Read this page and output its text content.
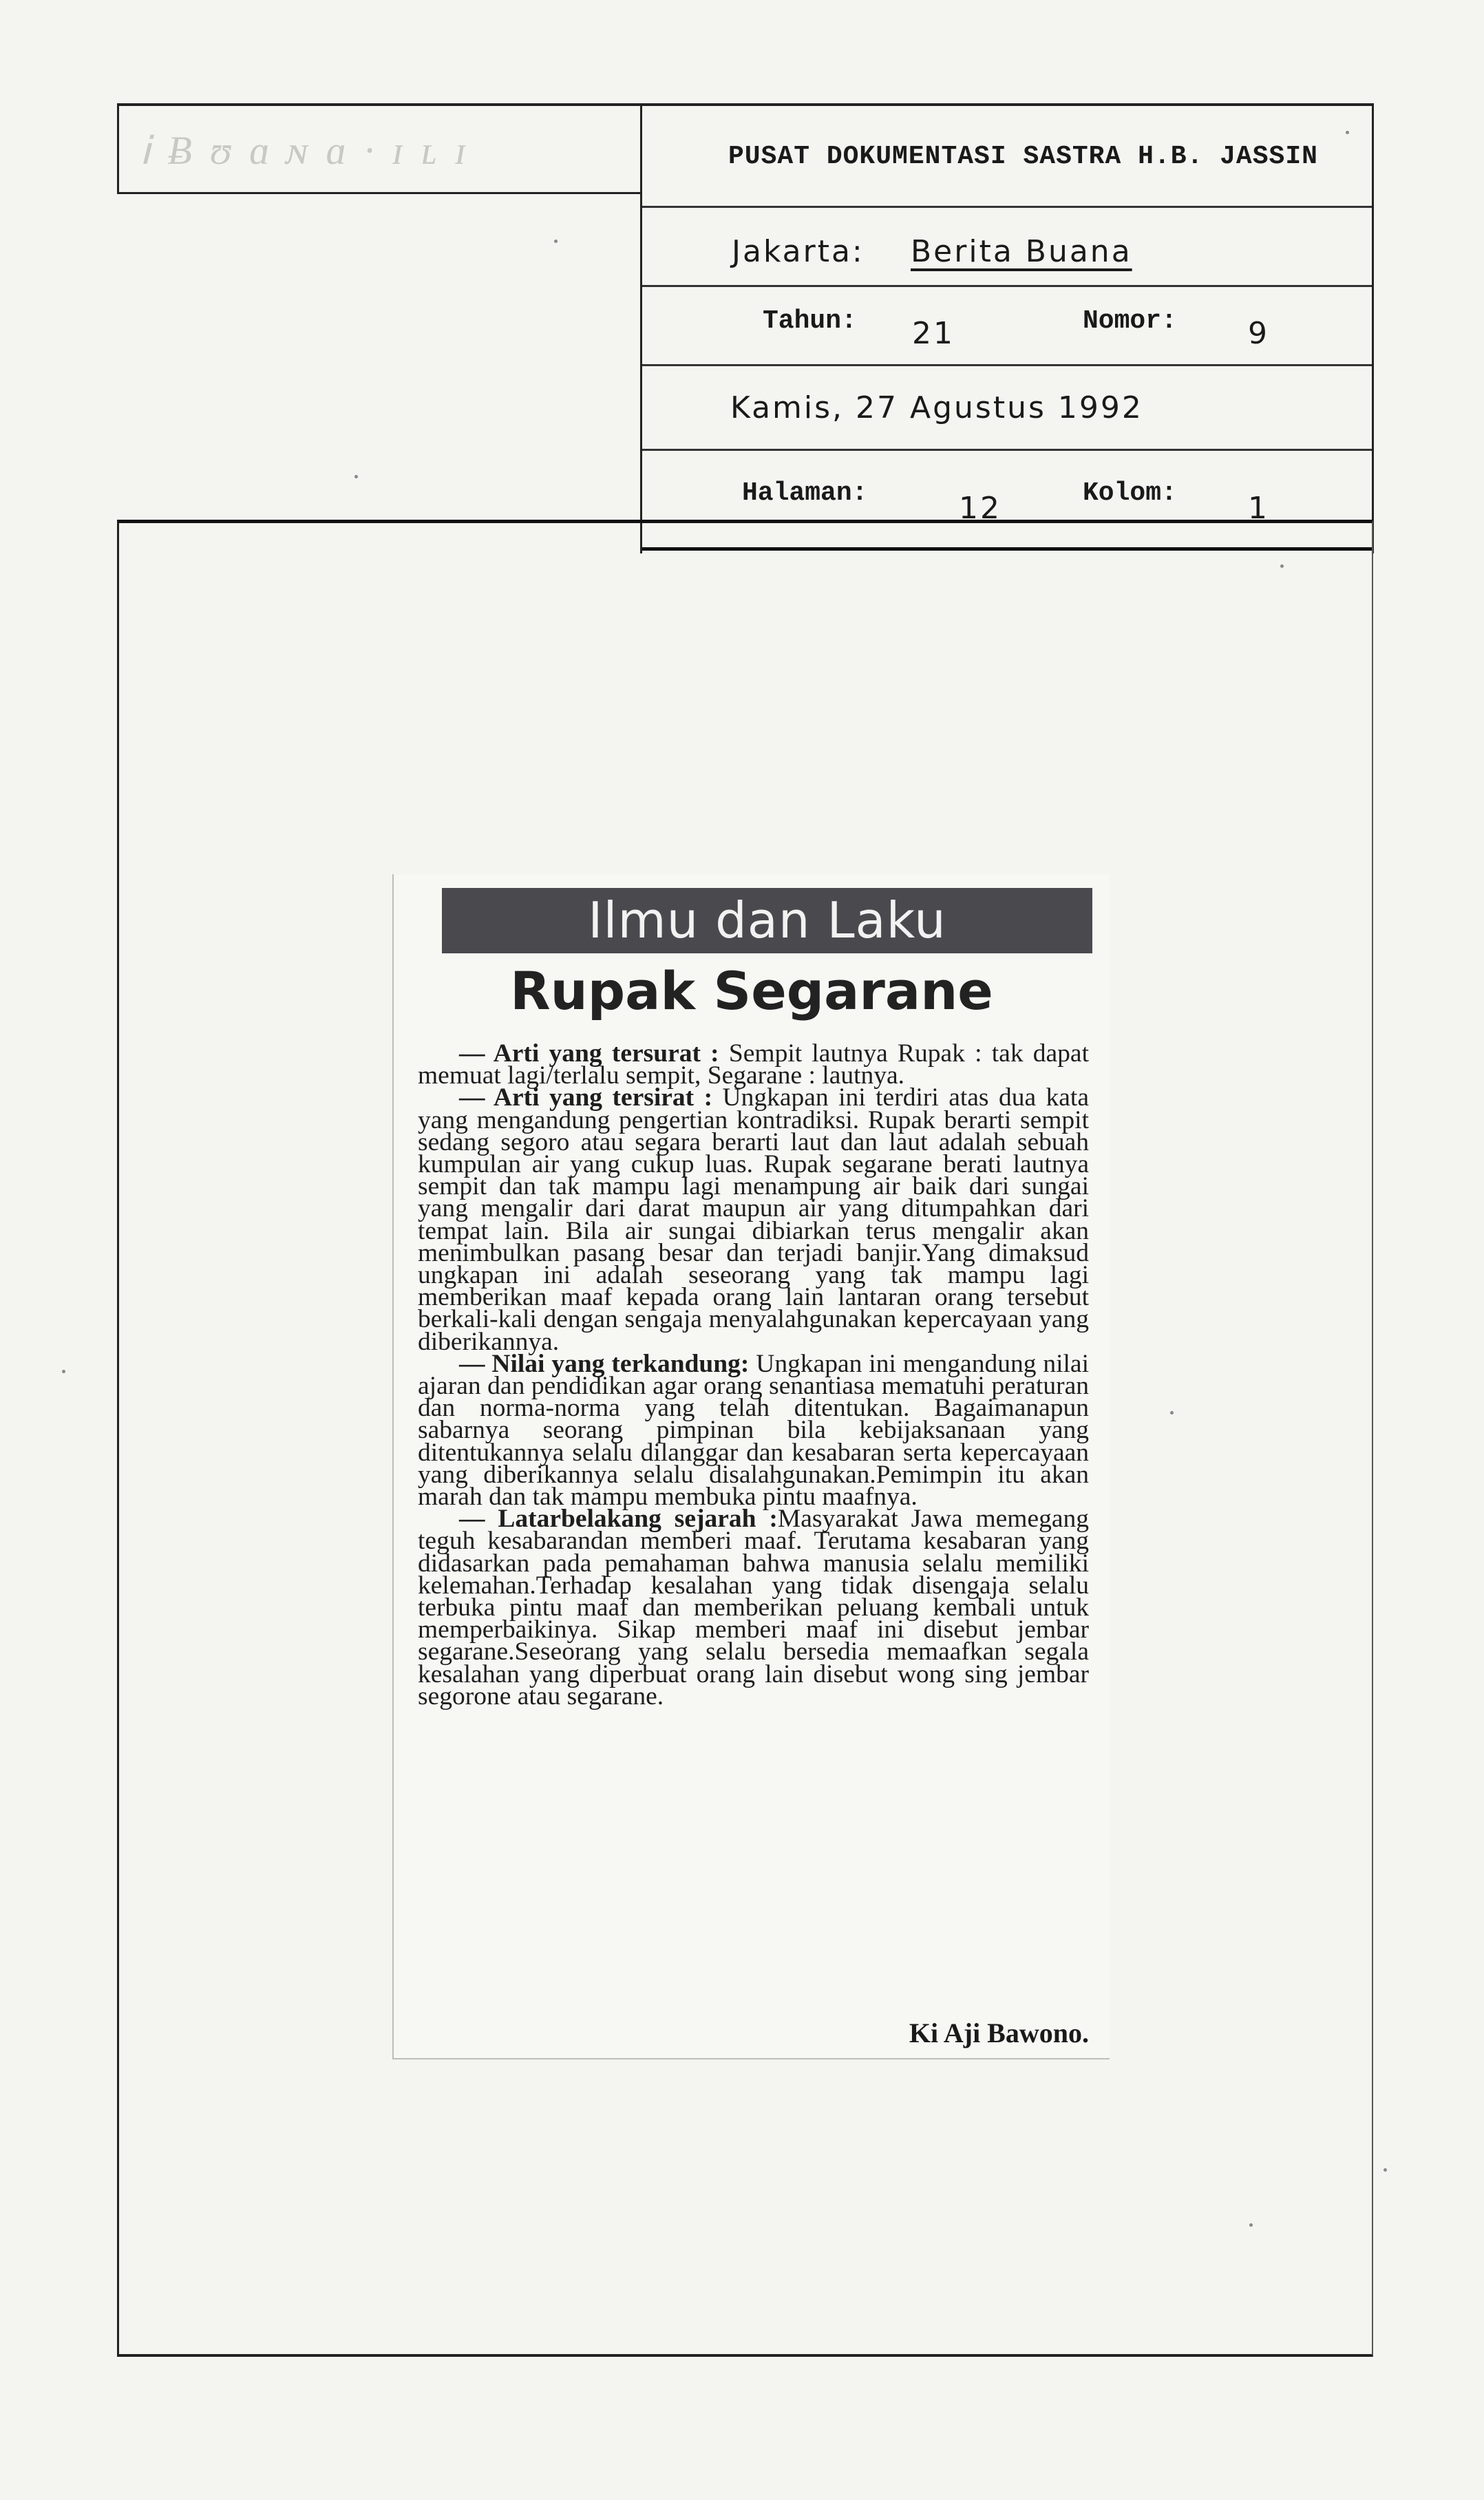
Ꭵ Ƀ ʊ ɑ ɴ ɑ · ɪ ʟ ɪ	PUSAT DOKUMENTASI SASTRA H.B. JASSIN
Jakarta: Berita Buana
Tahun: 21	Nomor: 9
Kamis, 27 Agustus 1992
Halaman:	12	Kolom: 1
Ilmu dan Laku
Rupak Segarane

— Arti yang tersurat : Sempit lautnya Rupak : tak dapat memuat lagi/terlalu sempit, Segarane : lautnya.

— Arti yang tersirat : Ungkapan ini terdiri atas dua kata yang mengandung pengertian kontradiksi. Rupak berarti sempit sedang segoro atau segara berarti laut dan laut adalah sebuah kumpulan air yang cukup luas. Rupak segarane berati lautnya sempit dan tak mampu lagi menampung air baik dari sungai yang mengalir dari darat maupun air yang ditumpahkan dari tempat lain. Bila air sungai dibiarkan terus mengalir akan menimbulkan pasang besar dan terjadi banjir.Yang dimaksud ungkapan ini adalah seseorang yang tak mampu lagi memberikan maaf kepada orang lain lantaran orang tersebut berkali-kali dengan sengaja menyalahgunakan kepercayaan yang diberikannya.

— Nilai yang terkandung: Ungkapan ini mengandung nilai ajaran dan pendidikan agar orang senantiasa mematuhi peraturan dan norma-norma yang telah ditentukan. Bagaimanapun sabarnya seorang pimpinan bila kebijaksanaan yang ditentukannya selalu dilanggar dan kesabaran serta kepercayaan yang diberikannya selalu disalahgunakan.Pemimpin itu akan marah dan tak mampu membuka pintu maafnya.

— Latarbelakang sejarah :Masyarakat Jawa memegang teguh kesabarandan memberi maaf. Terutama kesabaran yang didasarkan pada pemahaman bahwa manusia selalu memiliki kelemahan.Terhadap kesalahan yang tidak disengaja selalu terbuka pintu maaf dan memberikan peluang kembali untuk memperbaikinya. Sikap memberi maaf ini disebut jembar segarane.Seseorang yang selalu bersedia memaafkan segala kesalahan yang diperbuat orang lain disebut wong sing jembar segorone atau segarane.

Ki Aji Bawono.
